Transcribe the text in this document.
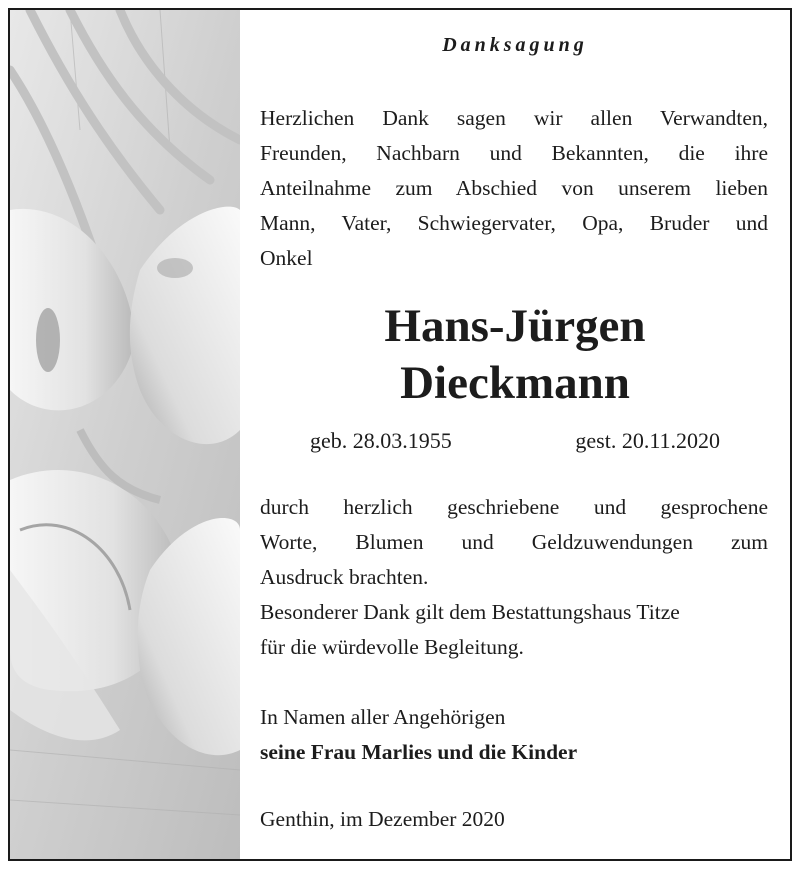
Danksagung

Herzlichen Dank sagen wir allen Verwandten,
Freunden, Nachbarn und Bekannten, die ihre
Anteilnahme zum Abschied von unserem lieben
Mann, Vater, Schwiegervater, Opa, Bruder und
Onkel

Hans-Jürgen
Dieckmann
geb. 28.03.1955	gest. 20.11.2020

durch herzlich geschriebene und gesprochene
Worte, Blumen und Geldzuwendungen zum
Ausdruck brachten.
Besonderer Dank gilt dem Bestattungshaus Titze
für die würdevolle Begleitung.

In Namen aller Angehörigen
seine Frau Marlies und die Kinder

Genthin, im Dezember 2020
